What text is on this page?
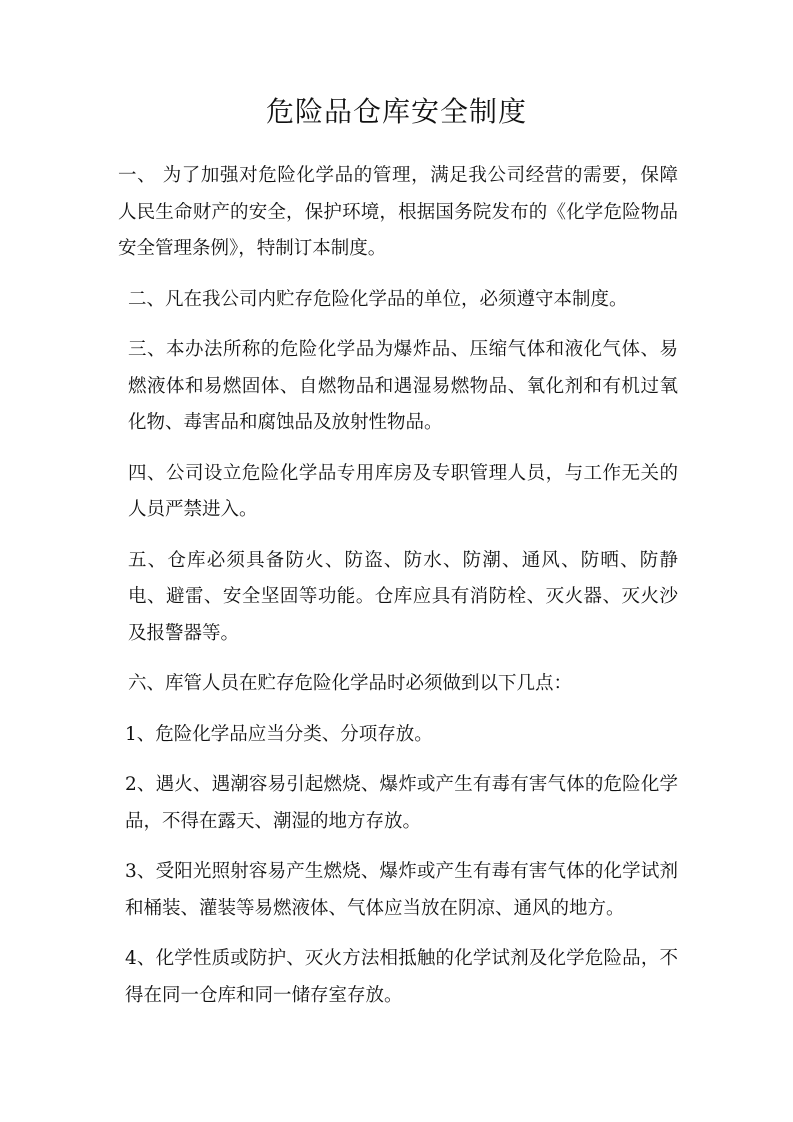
危险品仓库安全制度

一、 为了加强对危险化学品的管理，满足我公司经营的需要，保障人民生命财产的安全，保护环境，根据国务院发布的《化学危险物品安全管理条例》，特制订本制度。

二、凡在我公司内贮存危险化学品的单位，必须遵守本制度。

三、本办法所称的危险化学品为爆炸品、压缩气体和液化气体、易燃液体和易燃固体、自燃物品和遇湿易燃物品、氧化剂和有机过氧化物、毒害品和腐蚀品及放射性物品。

四、公司设立危险化学品专用库房及专职管理人员，与工作无关的人员严禁进入。

五、仓库必须具备防火、防盗、防水、防潮、通风、防晒、防静电、避雷、安全坚固等功能。仓库应具有消防栓、灭火器、灭火沙及报警器等。

六、库管人员在贮存危险化学品时必须做到以下几点：

1、危险化学品应当分类、分项存放。

2、遇火、遇潮容易引起燃烧、爆炸或产生有毒有害气体的危险化学品，不得在露天、潮湿的地方存放。

3、受阳光照射容易产生燃烧、爆炸或产生有毒有害气体的化学试剂和桶装、灌装等易燃液体、气体应当放在阴凉、通风的地方。

4、化学性质或防护、灭火方法相抵触的化学试剂及化学危险品，不得在同一仓库和同一储存室存放。
